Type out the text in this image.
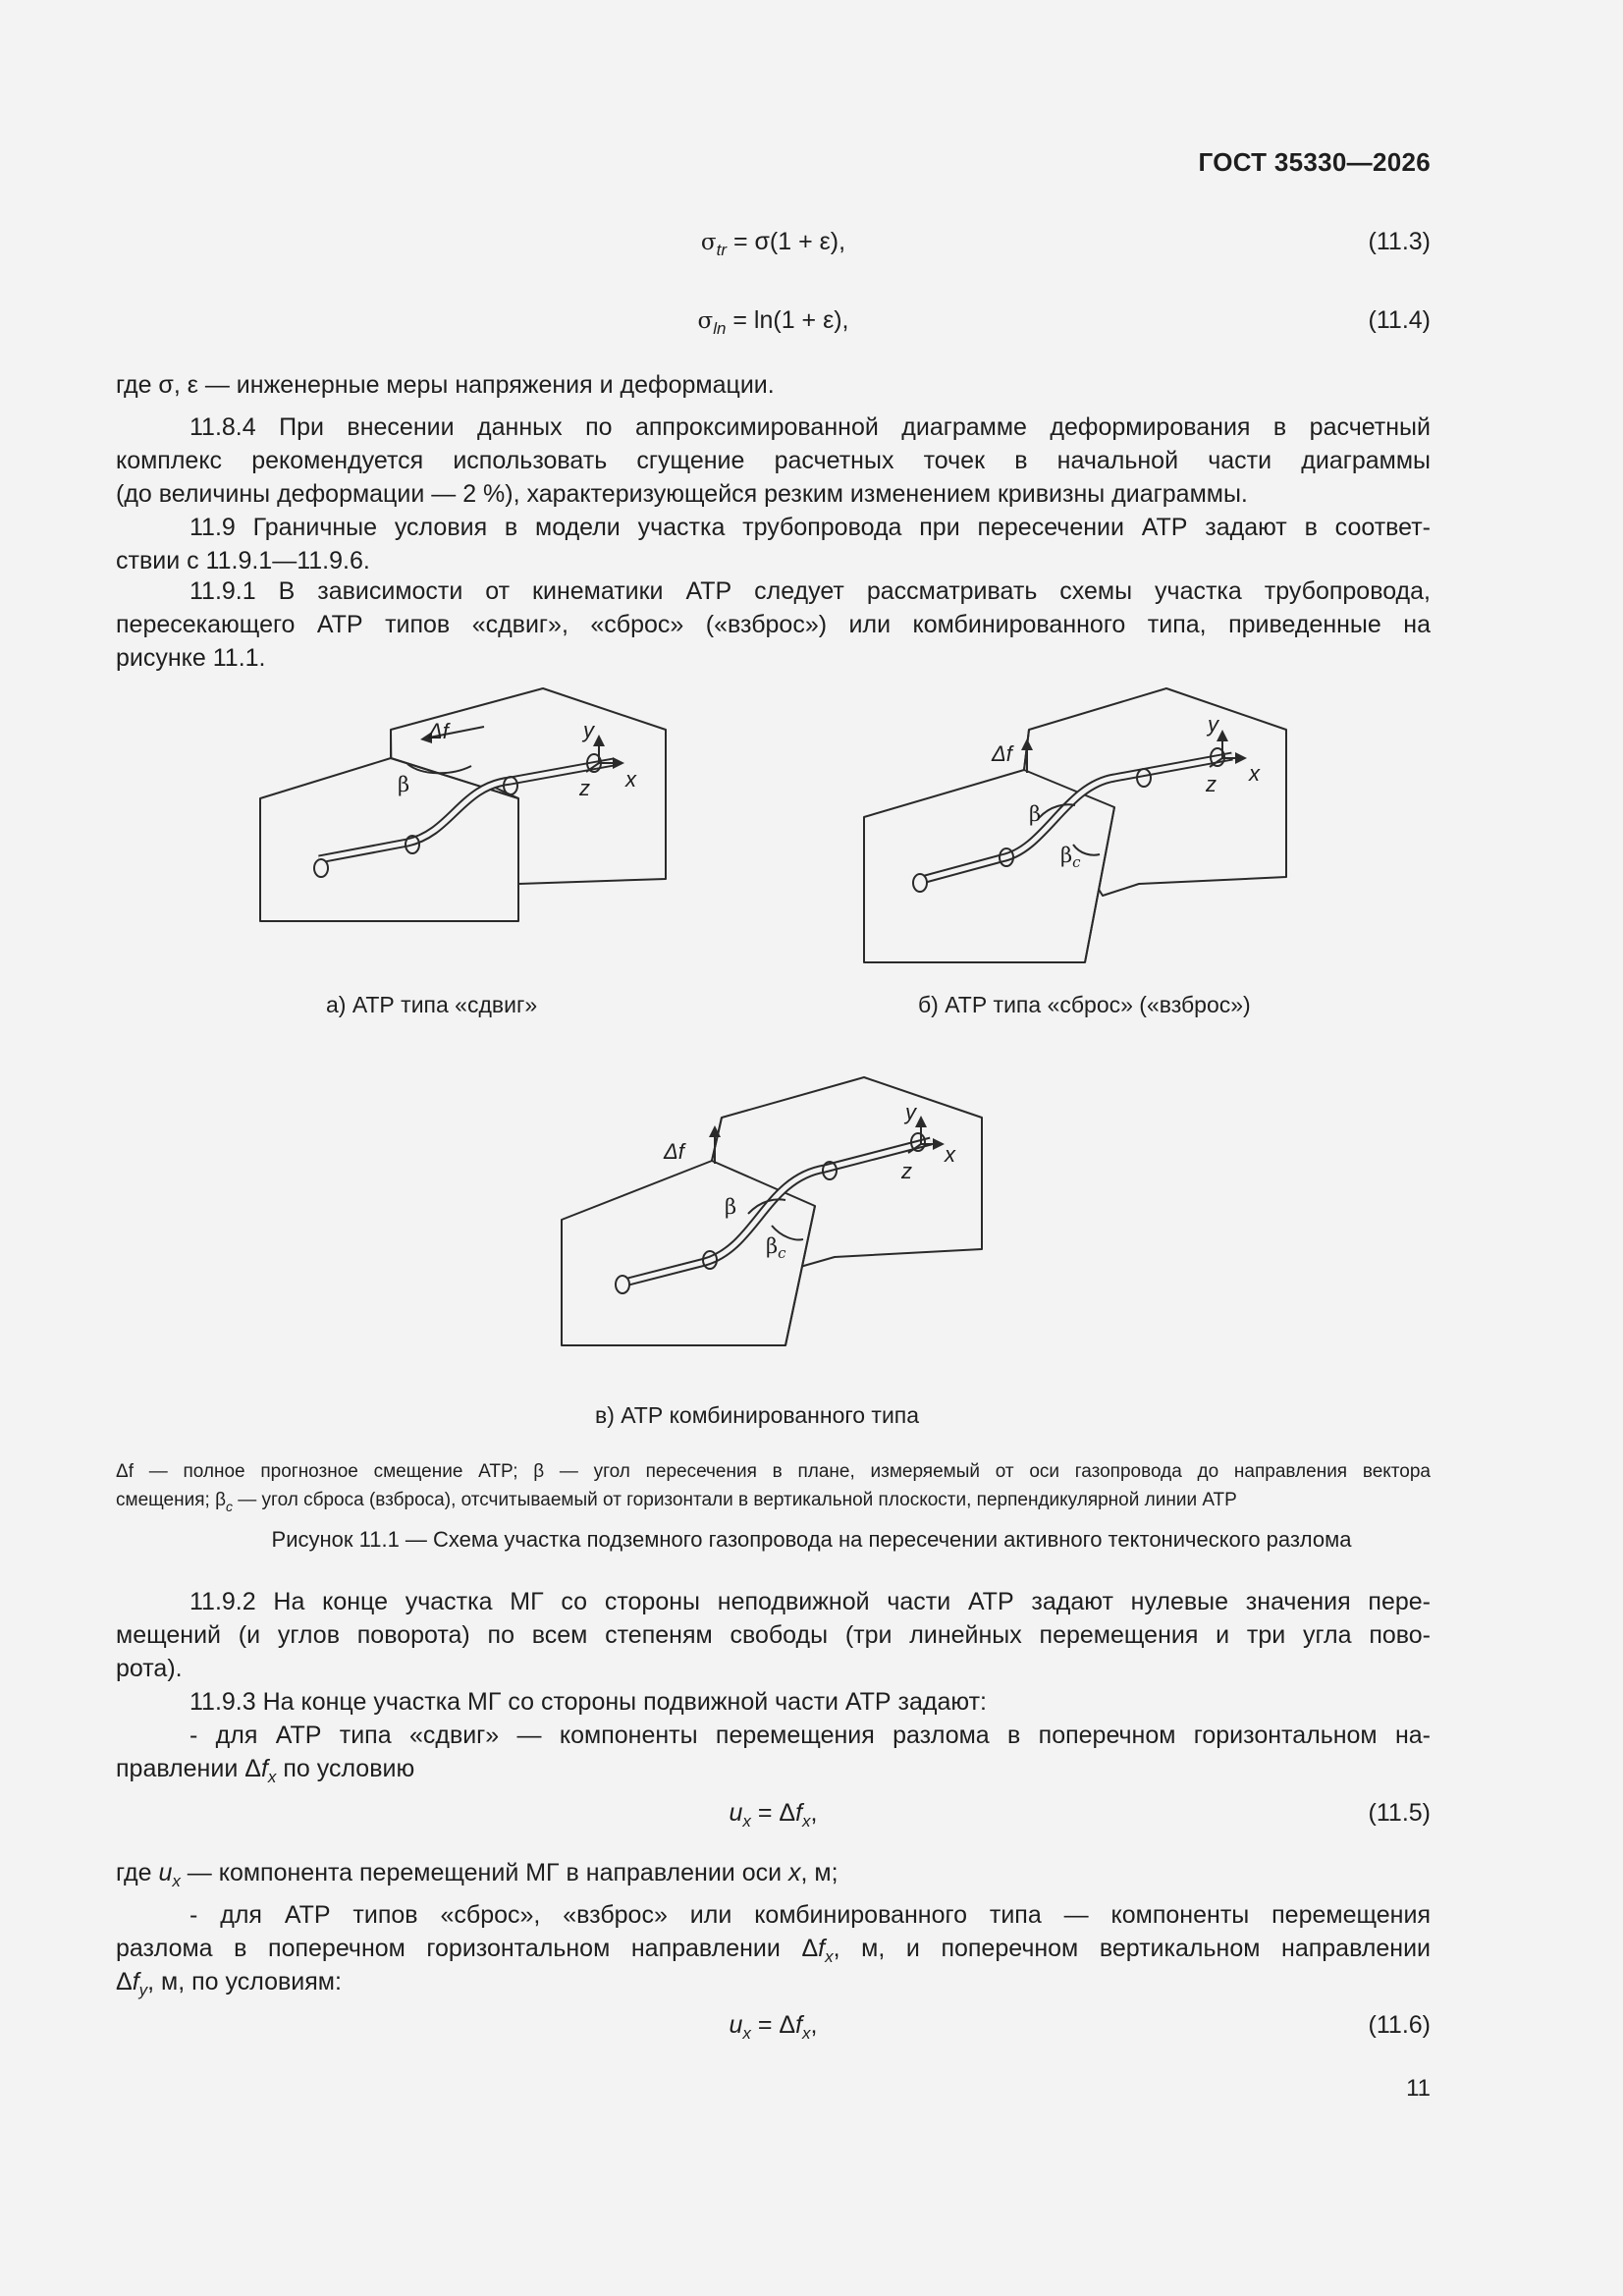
ГОСТ 35330—2026
$\sigma_{tr} = \sigma(1 + \varepsilon)$,	(11.3)
$\sigma_{ln} = \ln(1 + \varepsilon)$,	(11.4)
где σ, ε — инженерные меры напряжения и деформации.

11.8.4 При внесении данных по аппроксимированной диаграмме деформирования в расчетный
комплекс рекомендуется использовать сгущение расчетных точек в начальной части диаграммы
(до величины деформации — 2 %), характеризующейся резким изменением кривизны диаграммы.

11.9 Граничные условия в модели участка трубопровода при пересечении АТР задают в соответ-
ствии с 11.9.1—11.9.6.

11.9.1 В зависимости от кинематики АТР следует рассматривать схемы участка трубопровода,
пересекающего АТР типов «сдвиг», «сброс» («взброс») или комбинированного типа, приведенные на
рисунке 11.1.

Δf
β
y
x
z
Δf
β
$\beta_c$
y
x
z
Δf
β
$\beta_c$
y
x
z
а) АТР типа «сдвиг»	б) АТР типа «сброс» («взброс»)
в) АТР комбинированного типа
Δf — полное прогнозное смещение АТР; β — угол пересечения в плане, измеряемый от оси газопровода до направления вектора
смещения; $\beta_c$ — угол сброса (взброса), отсчитываемый от горизонтали в вертикальной плоскости, перпендикулярной линии АТР
Рисунок 11.1 — Схема участка подземного газопровода на пересечении активного тектонического разлома

11.9.2 На конце участка МГ со стороны неподвижной части АТР задают нулевые значения пере-
мещений (и углов поворота) по всем степеням свободы (три линейных перемещения и три угла пово-
рота).

11.9.3 На конце участка МГ со стороны подвижной части АТР задают:
- для АТР типа «сдвиг» — компоненты перемещения разлома в поперечном горизонтальном на-
правлении $\Delta f_x$ по условию

$u_x = \Delta f_x$,	(11.5)
где $u_x$ — компонента перемещений МГ в направлении оси x, м;

- для АТР типов «сброс», «взброс» или комбинированного типа — компоненты перемещения
разлома в поперечном горизонтальном направлении $\Delta f_x$, м, и поперечном вертикальном направлении
$\Delta f_y$, м, по условиям:

$u_x = \Delta f_x$,	(11.6)
11
